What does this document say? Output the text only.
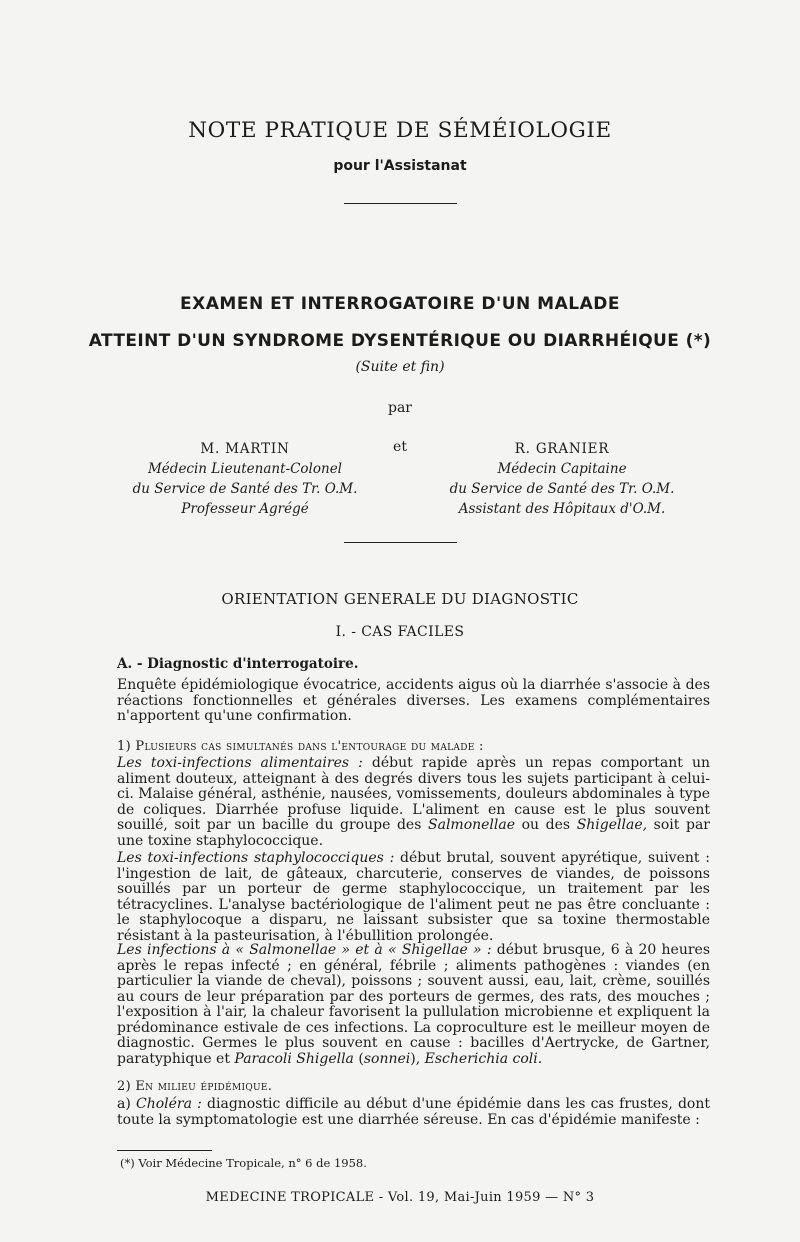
NOTE PRATIQUE DE SÉMÉIOLOGIE
pour l'Assistanat
EXAMEN ET INTERROGATOIRE D'UN MALADE
ATTEINT D'UN SYNDROME DYSENTÉRIQUE OU DIARRHÉIQUE (*)
(Suite et fin)
par
M. MARTIN
Médecin Lieutenant-Colonel
du Service de Santé des Tr. O.M.
Professeur Agrégé
et	R. GRANIER
Médecin Capitaine
du Service de Santé des Tr. O.M.
Assistant des Hôpitaux d'O.M.
ORIENTATION GENERALE DU DIAGNOSTIC
I. - CAS FACILES
A. - Diagnostic d'interrogatoire.
Enquête épidémiologique évocatrice, accidents aigus où la diarrhée s'associe à des réactions fonctionnelles et générales diverses. Les examens complémentaires n'apportent qu'une confirmation.
1) Plusieurs cas simultanés dans l'entourage du malade :
Les toxi-infections alimentaires : début rapide après un repas comportant un aliment douteux, atteignant à des degrés divers tous les sujets participant à celui-ci. Malaise général, asthénie, nausées, vomissements, douleurs abdominales à type de coliques. Diarrhée profuse liquide. L'aliment en cause est le plus souvent souillé, soit par un bacille du groupe des Salmonellae ou des Shigellae, soit par une toxine staphylococcique.
Les toxi-infections staphylococciques : début brutal, souvent apyrétique, suivent : l'ingestion de lait, de gâteaux, charcuterie, conserves de viandes, de poissons souillés par un porteur de germe staphylococcique, un traitement par les tétracyclines. L'analyse bactériologique de l'aliment peut ne pas être concluante : le staphylocoque a disparu, ne laissant subsister que sa toxine thermostable résistant à la pasteurisation, à l'ébullition prolongée.
Les infections à « Salmonellae » et à « Shigellae » : début brusque, 6 à 20 heures après le repas infecté ; en général, fébrile ; aliments pathogènes : viandes (en particulier la viande de cheval), poissons ; souvent aussi, eau, lait, crème, souillés au cours de leur préparation par des porteurs de germes, des rats, des mouches ; l'exposition à l'air, la chaleur favorisent la pullulation microbienne et expliquent la prédominance estivale de ces infections. La coproculture est le meilleur moyen de diagnostic. Germes le plus souvent en cause : bacilles d'Aertrycke, de Gartner, paratyphique et Paracoli Shigella (sonnei), Escherichia coli.
2) En milieu épidémique.
a) Choléra : diagnostic difficile au début d'une épidémie dans les cas frustes, dont toute la symptomatologie est une diarrhée séreuse. En cas d'épidémie manifeste :
(*) Voir Médecine Tropicale, n° 6 de 1958.
MEDECINE TROPICALE - Vol. 19, Mai-Juin 1959 — N° 3
